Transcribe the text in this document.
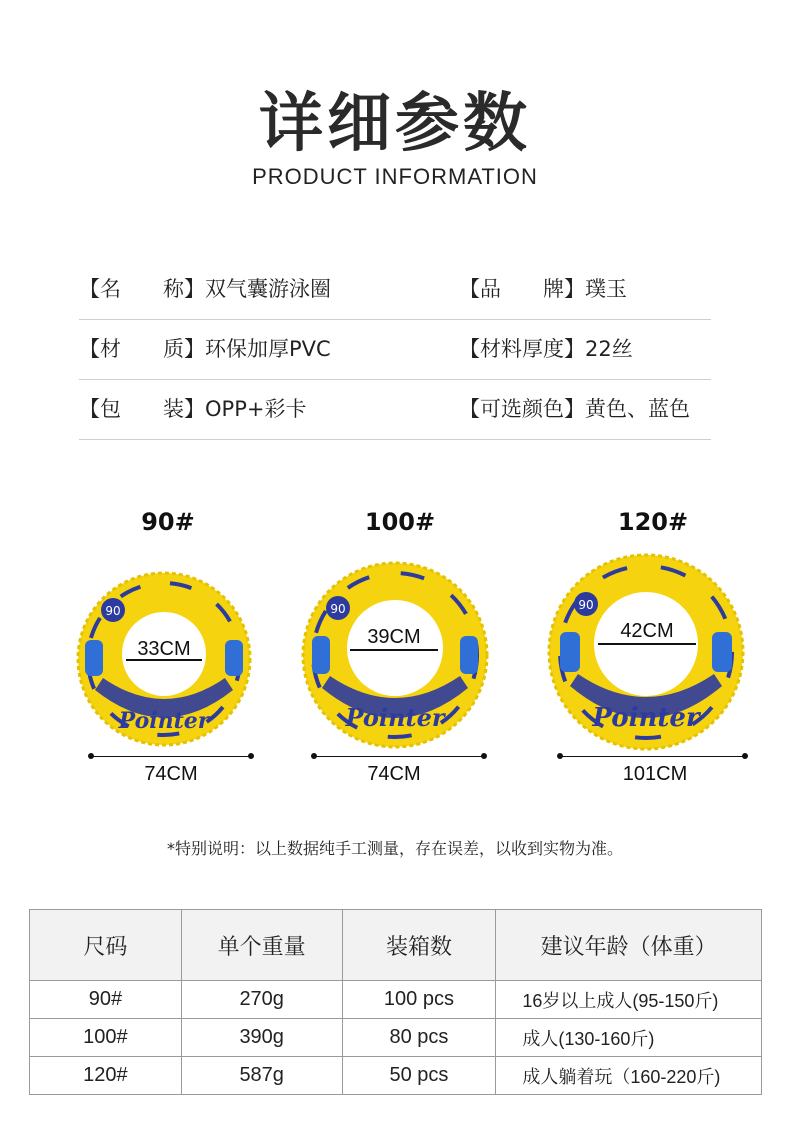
详细参数
PRODUCT INFORMATION
【名　　称】双气囊游泳圈	【品　　牌】璞玉
【材　　质】环保加厚PVC	【材料厚度】22丝
【包　　装】OPP+彩卡	【可选颜色】黄色、蓝色
90#
90
Pointer
33CM
74CM
100#
90
Pointer
39CM
74CM
120#
90
Pointer
42CM
101CM
*特别说明：以上数据纯手工测量，存在误差，以收到实物为准。
尺码	单个重量	装箱数	建议年龄（体重）
90#	270g	100 pcs	16岁以上成人(95-150斤)
100#	390g	80 pcs	成人(130-160斤)
120#	587g	50 pcs	成人躺着玩（160-220斤)
